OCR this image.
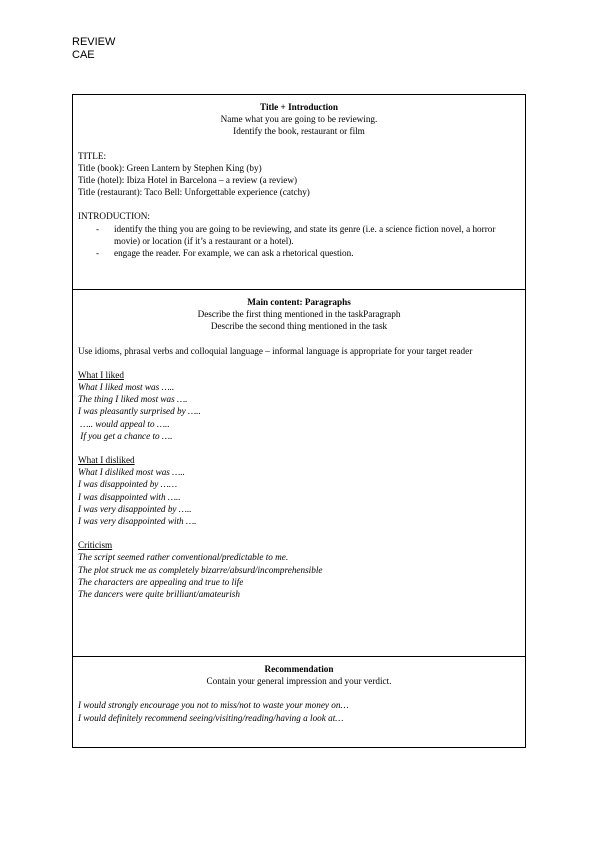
REVIEW
CAE

Title + Introduction

Name what you are going to be reviewing.

Identify the book, restaurant or film

TITLE:

Title (book): Green Lantern by Stephen King (by)

Title (hotel): Ibiza Hotel in Barcelona – a review (a review)

Title (restaurant): Taco Bell: Unforgettable experience (catchy)

INTRODUCTION:

- identify the thing you are going to be reviewing, and state its genre (i.e. a science fiction novel, a horror movie) or location (if it’s a restaurant or a hotel).
- engage the reader. For example, we can ask a rhetorical question.

Main content: Paragraphs

Describe the first thing mentioned in the taskParagraph

Describe the second thing mentioned in the task

Use idioms, phrasal verbs and colloquial language – informal language is appropriate for your target reader

What I liked

What I liked most was …..

The thing I liked most was ….

I was pleasantly surprised by …..

….. would appeal to …..

If you get a chance to ….

What I disliked

What I disliked most was …..

I was disappointed by ……

I was disappointed with …..

I was very disappointed by …..

I was very disappointed with ….

Criticism

The script seemed rather conventional/predictable to me.

The plot struck me as completely bizarre/absurd/incomprehensible

The characters are appealing and true to life

The dancers were quite brilliant/amateurish

Recommendation

Contain your general impression and your verdict.

I would strongly encourage you not to miss/not to waste your money on…

I would definitely recommend seeing/visiting/reading/having a look at…
